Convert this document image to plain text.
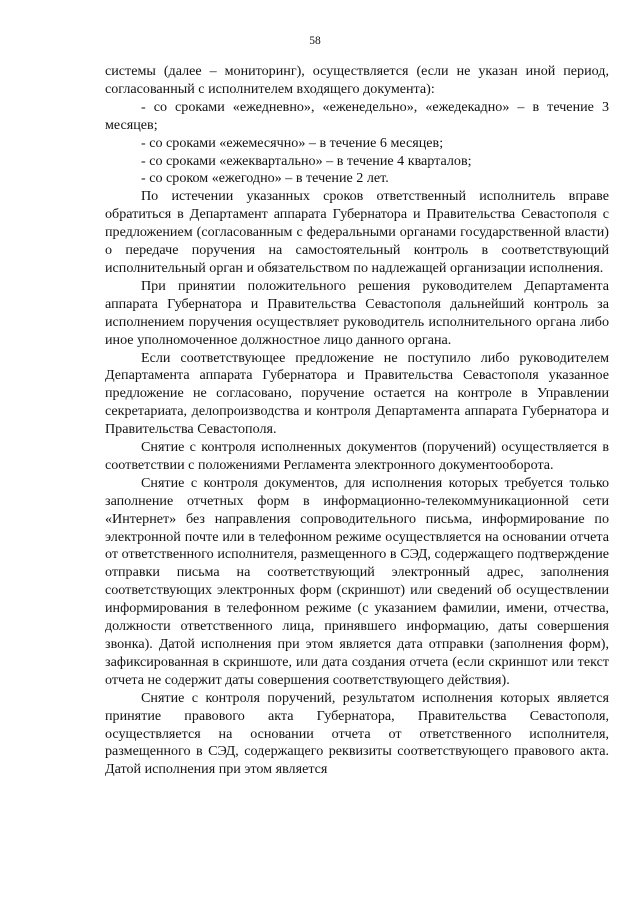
58

системы (далее – мониторинг), осуществляется (если не указан иной период, согласованный с исполнителем входящего документа):

- со сроками «ежедневно», «еженедельно», «ежедекадно» – в течение 3 месяцев;

- со сроками «ежемесячно» – в течение 6 месяцев;

- со сроками «ежеквартально» – в течение 4 кварталов;

- со сроком «ежегодно» – в течение 2 лет.

По истечении указанных сроков ответственный исполнитель вправе обратиться в Департамент аппарата Губернатора и Правительства Севастополя с предложением (согласованным с федеральными органами государственной власти) о передаче поручения на самостоятельный контроль в соответствующий исполнительный орган и обязательством по надлежащей организации исполнения.

При принятии положительного решения руководителем Департамента аппарата Губернатора и Правительства Севастополя дальнейший контроль за исполнением поручения осуществляет руководитель исполнительного органа либо иное уполномоченное должностное лицо данного органа.

Если соответствующее предложение не поступило либо руководителем Департамента аппарата Губернатора и Правительства Севастополя указанное предложение не согласовано, поручение остается на контроле в Управлении секретариата, делопроизводства и контроля Департамента аппарата Губернатора и Правительства Севастополя.

Снятие с контроля исполненных документов (поручений) осуществляется в соответствии с положениями Регламента электронного документооборота.

Снятие с контроля документов, для исполнения которых требуется только заполнение отчетных форм в информационно-телекоммуникационной сети «Интернет» без направления сопроводительного письма, информирование по электронной почте или в телефонном режиме осуществляется на основании отчета от ответственного исполнителя, размещенного в СЭД, содержащего подтверждение отправки письма на соответствующий электронный адрес, заполнения соответствующих электронных форм (скриншот) или сведений об осуществлении информирования в телефонном режиме (с указанием фамилии, имени, отчества, должности ответственного лица, принявшего информацию, даты совершения звонка). Датой исполнения при этом является дата отправки (заполнения форм), зафиксированная в скриншоте, или дата создания отчета (если скриншот или текст отчета не содержит даты совершения соответствующего действия).

Снятие с контроля поручений, результатом исполнения которых является принятие правового акта Губернатора, Правительства Севастополя, осуществляется на основании отчета от ответственного исполнителя, размещенного в СЭД, содержащего реквизиты соответствующего правового акта. Датой исполнения при этом является
